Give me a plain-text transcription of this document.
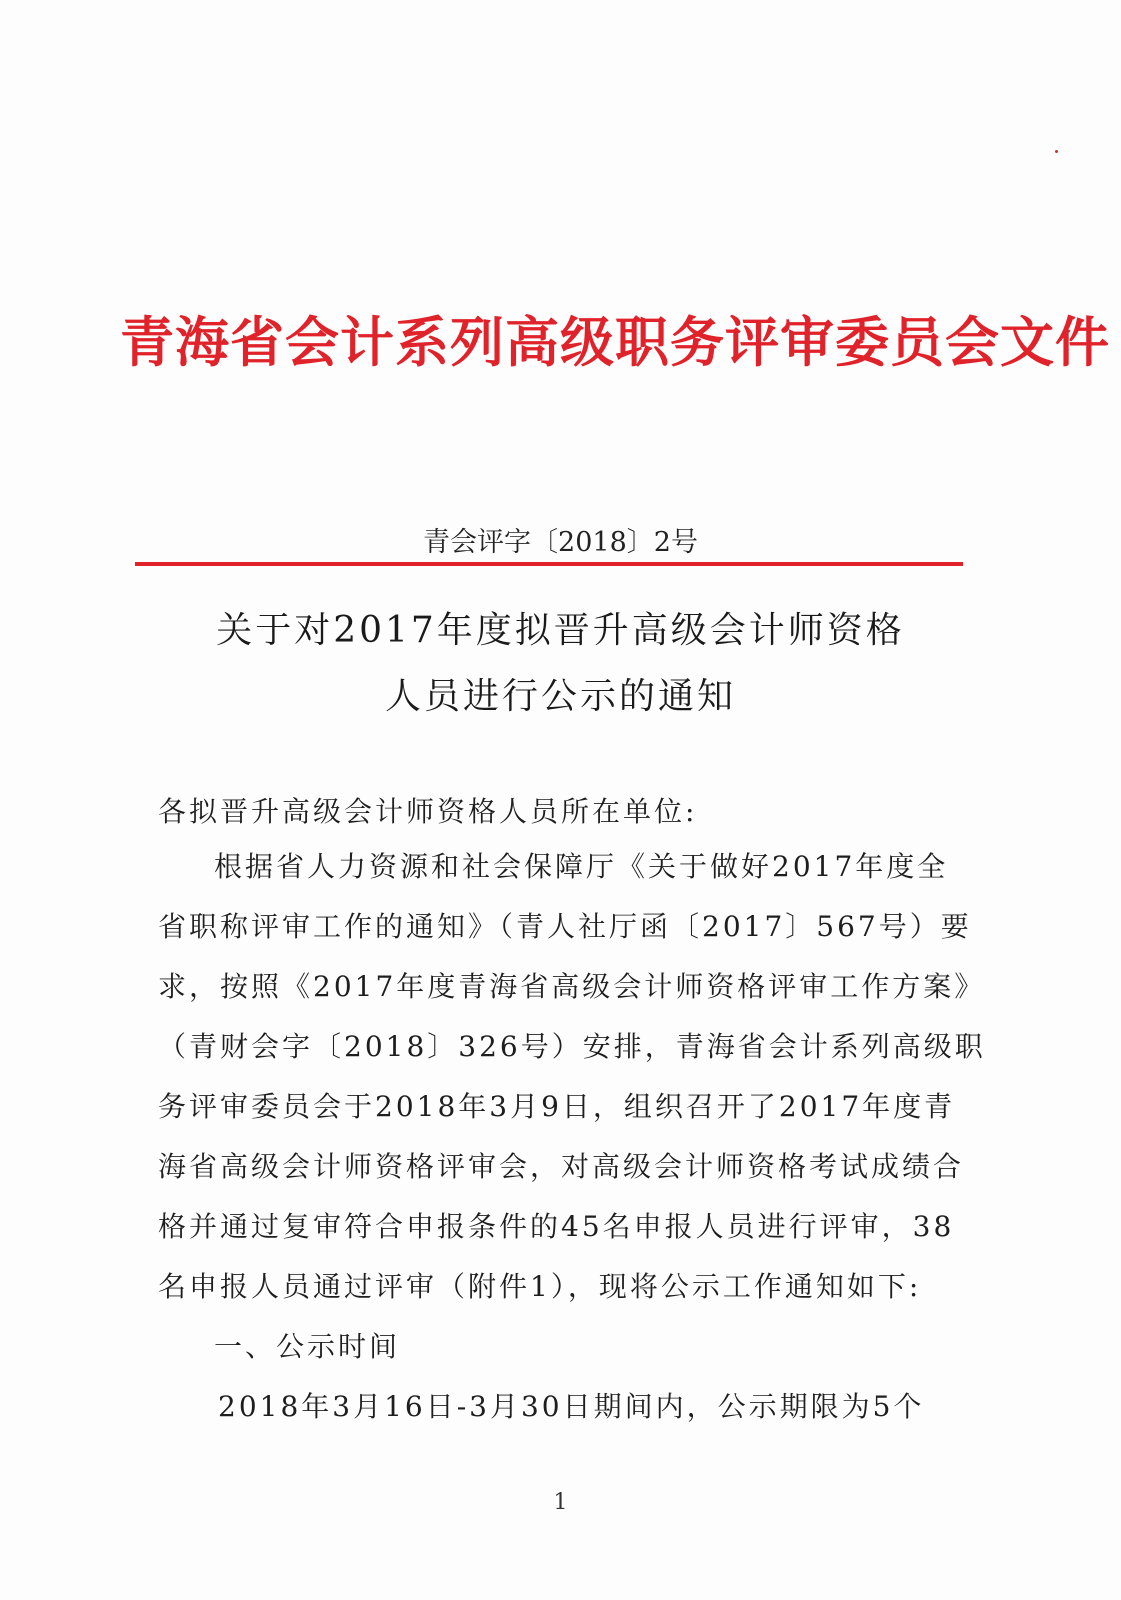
青海省会计系列高级职务评审委员会文件
青会评字〔2018〕2号
关于对2017年度拟晋升高级会计师资格
人员进行公示的通知
各拟晋升高级会计师资格人员所在单位:
根据省人力资源和社会保障厅《关于做好2017年度全
省职称评审工作的通知》（青人社厅函〔2017〕567号）要
求，按照《2017年度青海省高级会计师资格评审工作方案》
（青财会字〔2018〕326号）安排，青海省会计系列高级职
务评审委员会于2018年3月9日，组织召开了2017年度青
海省高级会计师资格评审会，对高级会计师资格考试成绩合
格并通过复审符合申报条件的45名申报人员进行评审，38
名申报人员通过评审（附件1），现将公示工作通知如下:
一、公示时间
2018年3月16日-3月30日期间内，公示期限为5个
1
